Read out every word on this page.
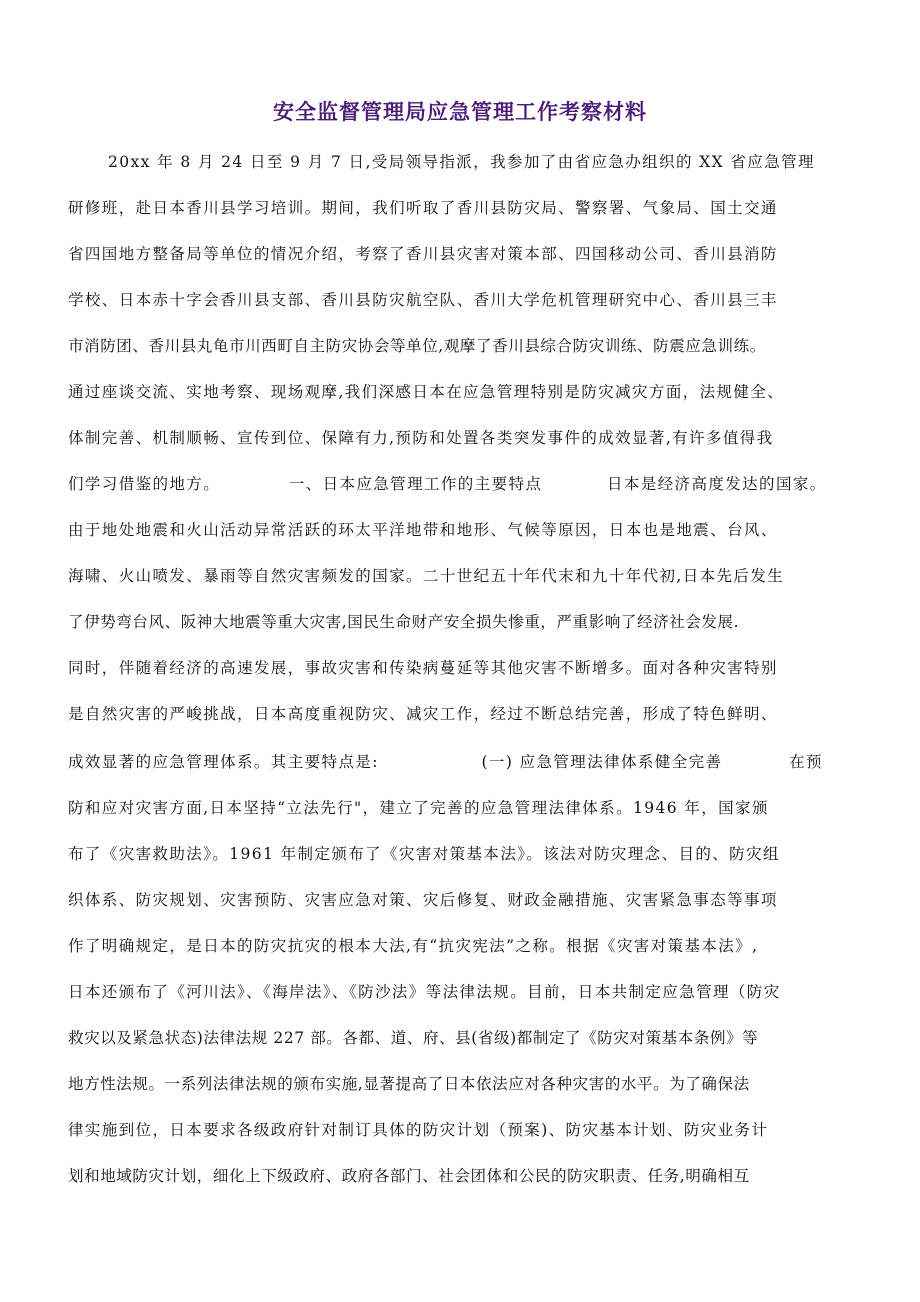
安全监督管理局应急管理工作考察材料
20xx 年 8 月 24 日至 9 月 7 日,受局领导指派，我参加了由省应急办组织的 XX 省应急管理
研修班，赴日本香川县学习培训。期间，我们听取了香川县防灾局、警察署、气象局、国土交通
省四国地方整备局等单位的情况介绍，考察了香川县灾害对策本部、四国移动公司、香川县消防
学校、日本赤十字会香川县支部、香川县防灾航空队、香川大学危机管理研究中心、香川县三丰
市消防团、香川县丸龟市川西町自主防灾协会等单位,观摩了香川县综合防灾训练、防震应急训练。
通过座谈交流、实地考察、现场观摩,我们深感日本在应急管理特别是防灾减灾方面，法规健全、
体制完善、机制顺畅、宣传到位、保障有力,预防和处置各类突发事件的成效显著,有许多值得我
们学习借鉴的地方。	一、日本应急管理工作的主要特点	日本是经济高度发达的国家。
由于地处地震和火山活动异常活跃的环太平洋地带和地形、气候等原因，日本也是地震、台风、
海啸、火山喷发、暴雨等自然灾害频发的国家。二十世纪五十年代末和九十年代初,日本先后发生
了伊势弯台风、阪神大地震等重大灾害,国民生命财产安全损失惨重，严重影响了经济社会发展.
同时，伴随着经济的高速发展，事故灾害和传染病蔓延等其他灾害不断增多。面对各种灾害特别
是自然灾害的严峻挑战，日本高度重视防灾、减灾工作，经过不断总结完善，形成了特色鲜明、
成效显著的应急管理体系。其主要特点是:	(一) 应急管理法律体系健全完善	在预
防和应对灾害方面,日本坚持“立法先行"，建立了完善的应急管理法律体系。1946 年，国家颁
布了《灾害救助法》。1961 年制定颁布了《灾害对策基本法》。该法对防灾理念、目的、防灾组
织体系、防灾规划、灾害预防、灾害应急对策、灾后修复、财政金融措施、灾害紧急事态等事项
作了明确规定，是日本的防灾抗灾的根本大法,有“抗灾宪法”之称。根据《灾害对策基本法》,
日本还颁布了《河川法》、《海岸法》、《防沙法》等法律法规。目前，日本共制定应急管理（防灾
救灾以及紧急状态)法律法规 227 部。各都、道、府、县(省级)都制定了《防灾对策基本条例》等
地方性法规。一系列法律法规的颁布实施,显著提高了日本依法应对各种灾害的水平。为了确保法
律实施到位，日本要求各级政府针对制订具体的防灾计划（预案)、防灾基本计划、防灾业务计
划和地域防灾计划，细化上下级政府、政府各部门、社会团体和公民的防灾职责、任务,明确相互
